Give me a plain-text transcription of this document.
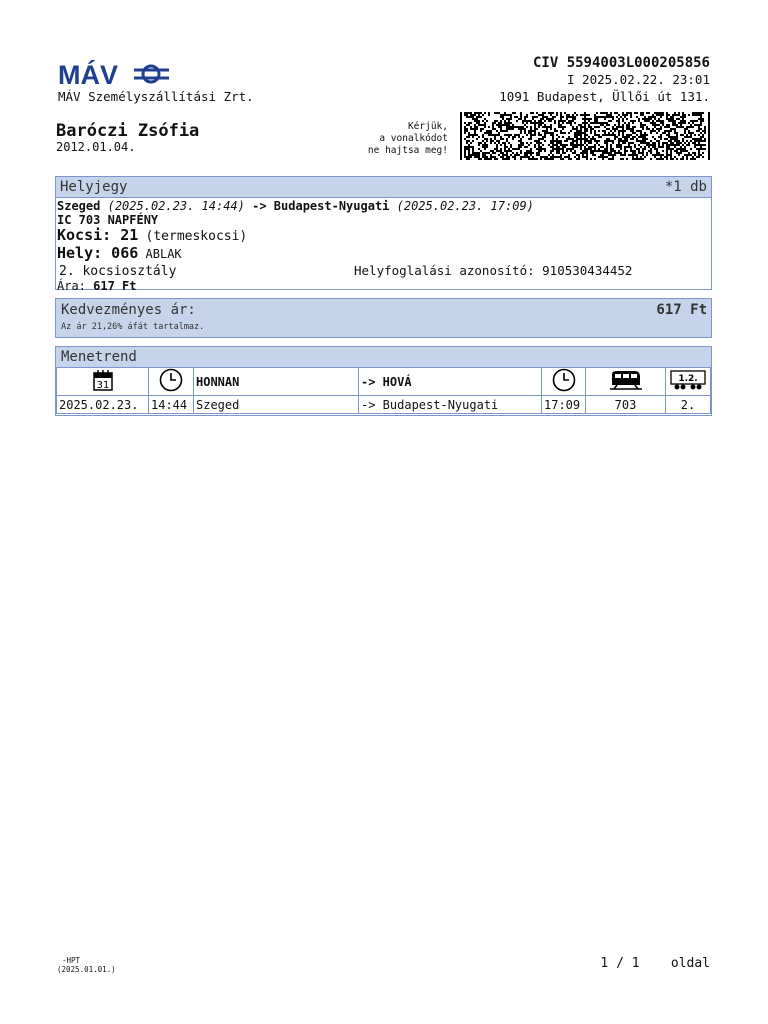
MÁV
MÁV Személyszállítási Zrt.
CIV 5594003L000205856
I 2025.02.22. 23:01
1091 Budapest, Üllői út 131.
Baróczi Zsófia
2012.01.04.
Kérjük,
a vonalkódot
ne hajtsa meg!
Helyjegy	*1 db
Szeged (2025.02.23. 14:44) -> Budapest-Nyugati (2025.02.23. 17:09)
IC 703 NAPFÉNY
Kocsi: 21 (termeskocsi)
Hely: 066 ABLAK
2. kocsiosztály	Helyfoglalási azonosító: 910530434452
Ára: 617 Ft
Kedvezményes ár:	617 Ft
Az ár 21,26% áfát tartalmaz.
Menetrend
31		HONNAN	-> HOVÁ			1.2.

2025.02.23.	14:44	Szeged	-> Budapest-Nyugati	17:09	703	2.
-HPT
(2025.01.01.)	1 / 1    oldal
